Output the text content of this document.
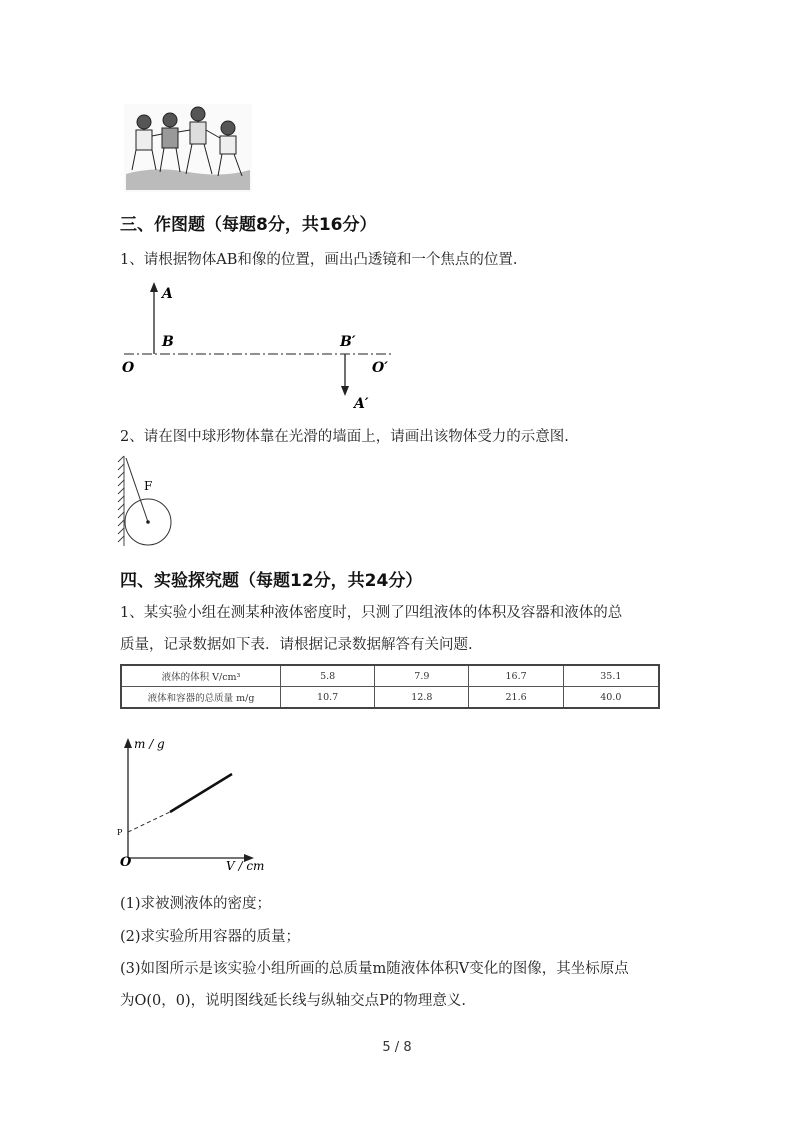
三、作图题（每题8分，共16分）
1、请根据物体AB和像的位置，画出凸透镜和一个焦点的位置.
A
B
O
B′
O′
A′
2、请在图中球形物体靠在光滑的墙面上，请画出该物体受力的示意图.
F
四、实验探究题（每题12分，共24分）
1、某实验小组在测某种液体密度时，只测了四组液体的体积及容器和液体的总
质量，记录数据如下表．请根据记录数据解答有关问题.
液体的体积 V/cm³	5.8	7.9	16.7	35.1
液体和容器的总质量 m/g	10.7	12.8	21.6	40.0
m / g
V / cm
O
P
(1)求被测液体的密度；
(2)求实验所用容器的质量；
(3)如图所示是该实验小组所画的总质量m随液体体积V变化的图像，其坐标原点
为O(0，0)，说明图线延长线与纵轴交点P的物理意义.
5 / 8
